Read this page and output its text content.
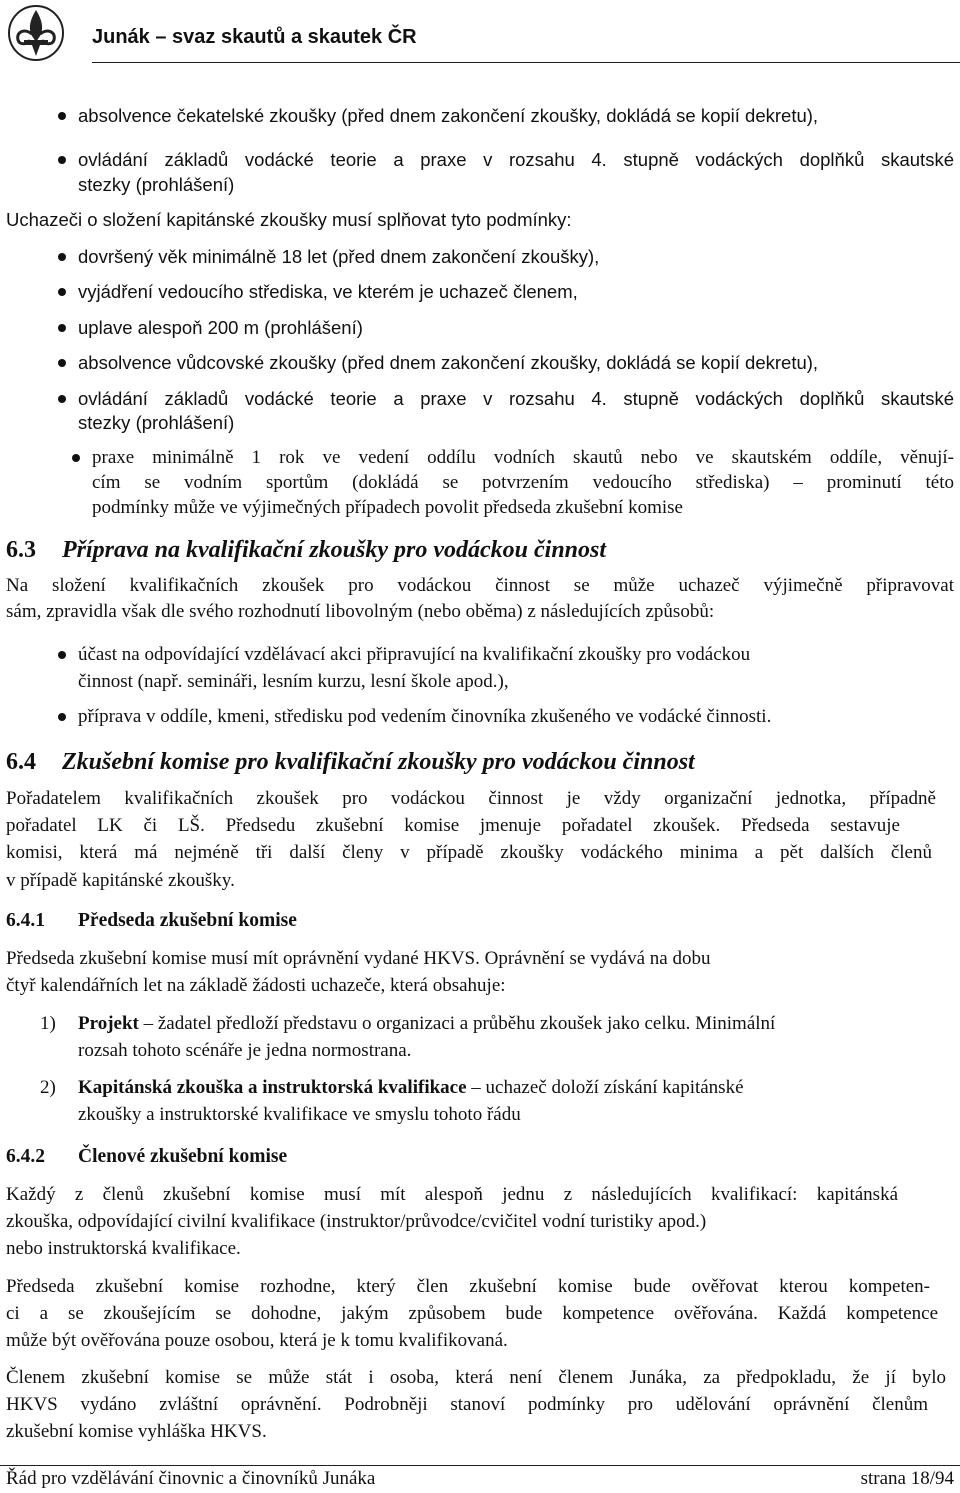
Junák – svaz skautů a skautek ČR
absolvence čekatelské zkoušky (před dnem zakončení zkoušky, dokládá se kopií dekretu),
ovládání základů vodácké teorie a praxe v rozsahu 4. stupně vodáckých doplňků skautské
stezky (prohlášení)
Uchazeči o složení kapitánské zkoušky musí splňovat tyto podmínky:
dovršený věk minimálně 18 let (před dnem zakončení zkoušky),
vyjádření vedoucího střediska, ve kterém je uchazeč členem,
uplave alespoň 200 m (prohlášení)
absolvence vůdcovské zkoušky (před dnem zakončení zkoušky, dokládá se kopií dekretu),
ovládání základů vodácké teorie a praxe v rozsahu 4. stupně vodáckých doplňků skautské
stezky (prohlášení)
praxe minimálně 1 rok ve vedení oddílu vodních skautů nebo ve skautském oddíle, věnují-
cím se vodním sportům (dokládá se potvrzením vedoucího střediska) – prominutí této
podmínky může ve výjimečných případech povolit předseda zkušební komise
6.3 Příprava na kvalifikační zkoušky pro vodáckou činnost
Na složení kvalifikačních zkoušek pro vodáckou činnost se může uchazeč výjimečně připravovat
sám, zpravidla však dle svého rozhodnutí libovolným (nebo oběma) z následujících způsobů:
účast na odpovídající vzdělávací akci připravující na kvalifikační zkoušky pro vodáckou
činnost (např. semináři, lesním kurzu, lesní škole apod.),
příprava v oddíle, kmeni, středisku pod vedením činovníka zkušeného ve vodácké činnosti.
6.4 Zkušební komise pro kvalifikační zkoušky pro vodáckou činnost
Pořadatelem kvalifikačních zkoušek pro vodáckou činnost je vždy organizační jednotka, případně
pořadatel LK či LŠ. Předsedu zkušební komise jmenuje pořadatel zkoušek. Předseda sestavuje
komisi, která má nejméně tři další členy v případě zkoušky vodáckého minima a pět dalších členů
v případě kapitánské zkoušky.
6.4.1 Předseda zkušební komise
Předseda zkušební komise musí mít oprávnění vydané HKVS. Oprávnění se vydává na dobu
čtyř kalendářních let na základě žádosti uchazeče, která obsahuje:
1) Projekt – žadatel předloží představu o organizaci a průběhu zkoušek jako celku. Minimální
rozsah tohoto scénáře je jedna normostrana.
2) Kapitánská zkouška a instruktorská kvalifikace – uchazeč doloží získání kapitánské
zkoušky a instruktorské kvalifikace ve smyslu tohoto řádu
6.4.2 Členové zkušební komise
Každý z členů zkušební komise musí mít alespoň jednu z následujících kvalifikací: kapitánská
zkouška, odpovídající civilní kvalifikace (instruktor/průvodce/cvičitel vodní turistiky apod.)
nebo instruktorská kvalifikace.
Předseda zkušební komise rozhodne, který člen zkušební komise bude ověřovat kterou kompeten-
ci a se zkoušejícím se dohodne, jakým způsobem bude kompetence ověřována. Každá kompetence
může být ověřována pouze osobou, která je k tomu kvalifikovaná.
Členem zkušební komise se může stát i osoba, která není členem Junáka, za předpokladu, že jí bylo
HKVS vydáno zvláštní oprávnění. Podrobněji stanoví podmínky pro udělování oprávnění členům
zkušební komise vyhláška HKVS.
Řád pro vzdělávání činovnic a činovníků Junáka	strana 18/94
